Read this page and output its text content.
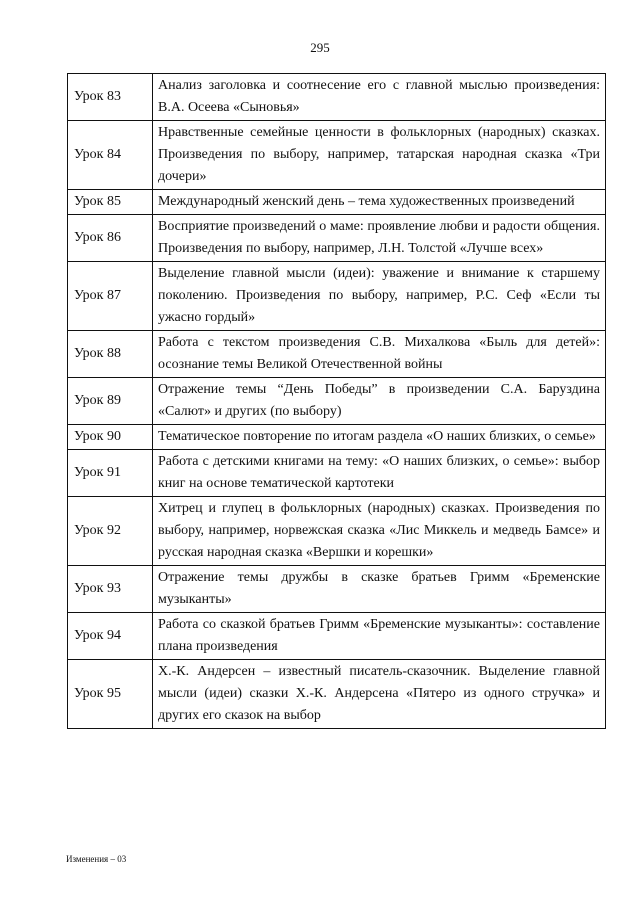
295
Урок 83	Анализ заголовка и соотнесение его с главной мыслью произведения: В.А. Осеева «Сыновья»
Урок 84	Нравственные семейные ценности в фольклорных (народных) сказках. Произведения по выбору, например, татарская народная сказка «Три дочери»
Урок 85	Международный женский день – тема художественных произведений
Урок 86	Восприятие произведений о маме: проявление любви и радости общения. Произведения по выбору, например, Л.Н. Толстой «Лучше всех»
Урок 87	Выделение главной мысли (идеи): уважение и внимание к старшему поколению. Произведения по выбору, например, Р.С. Сеф «Если ты ужасно гордый»
Урок 88	Работа с текстом произведения С.В. Михалкова «Быль для детей»: осознание темы Великой Отечественной войны
Урок 89	Отражение темы “День Победы” в произведении С.А. Баруздина «Салют» и других (по выбору)
Урок 90	Тематическое повторение по итогам раздела «О наших близких, о семье»
Урок 91	Работа с детскими книгами на тему: «О наших близких, о семье»: выбор книг на основе тематической картотеки
Урок 92	Хитрец и глупец в фольклорных (народных) сказках. Произведения по выбору, например, норвежская сказка «Лис Миккель и медведь Бамсе» и русская народная сказка «Вершки и корешки»
Урок 93	Отражение темы дружбы в сказке братьев Гримм «Бременские музыканты»
Урок 94	Работа со сказкой братьев Гримм «Бременские музыканты»: составление плана произведения
Урок 95	Х.-К. Андерсен – известный писатель-сказочник. Выделение главной мысли (идеи) сказки Х.-К. Андерсена «Пятеро из одного стручка» и других его сказок на выбор
Изменения – 03
